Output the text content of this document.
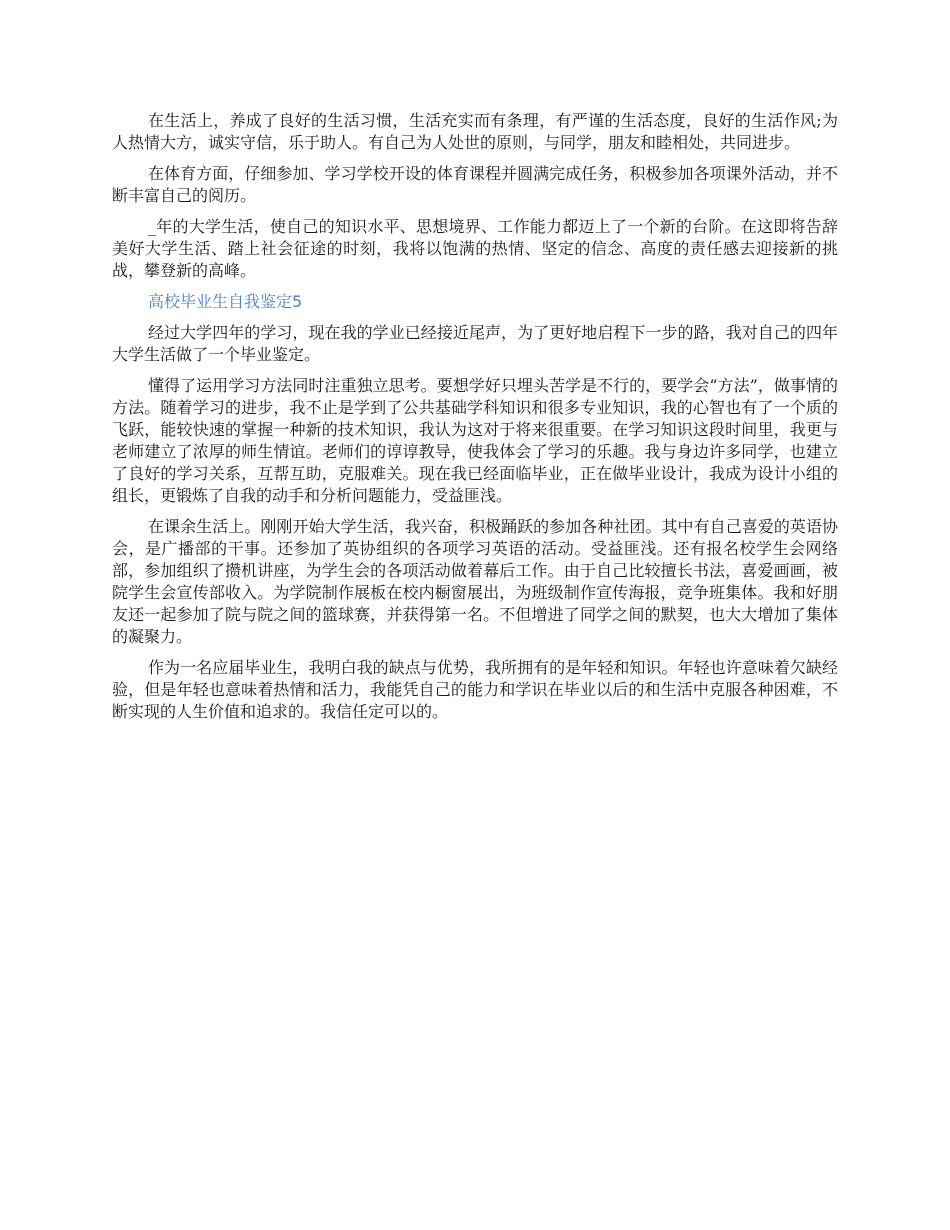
在生活上，养成了良好的生活习惯，生活充实而有条理，有严谨的生活态度，良好的生活作风;为人热情大方，诚实守信，乐于助人。有自己为人处世的原则，与同学，朋友和睦相处，共同进步。

在体育方面，仔细参加、学习学校开设的体育课程并圆满完成任务，积极参加各项课外活动，并不断丰富自己的阅历。

_年的大学生活，使自己的知识水平、思想境界、工作能力都迈上了一个新的台阶。在这即将告辞美好大学生活、踏上社会征途的时刻，我将以饱满的热情、坚定的信念、高度的责任感去迎接新的挑战，攀登新的高峰。

高校毕业生自我鉴定5

经过大学四年的学习，现在我的学业已经接近尾声，为了更好地启程下一步的路，我对自己的四年大学生活做了一个毕业鉴定。

懂得了运用学习方法同时注重独立思考。要想学好只埋头苦学是不行的，要学会“方法”，做事情的方法。随着学习的进步，我不止是学到了公共基础学科知识和很多专业知识，我的心智也有了一个质的飞跃，能较快速的掌握一种新的技术知识，我认为这对于将来很重要。在学习知识这段时间里，我更与老师建立了浓厚的师生情谊。老师们的谆谆教导，使我体会了学习的乐趣。我与身边许多同学，也建立了良好的学习关系，互帮互助，克服难关。现在我已经面临毕业，正在做毕业设计，我成为设计小组的组长，更锻炼了自我的动手和分析问题能力，受益匪浅。

在课余生活上。刚刚开始大学生活，我兴奋，积极踊跃的参加各种社团。其中有自己喜爱的英语协会，是广播部的干事。还参加了英协组织的各项学习英语的活动。受益匪浅。还有报名校学生会网络部，参加组织了攒机讲座，为学生会的各项活动做着幕后工作。由于自己比较擅长书法，喜爱画画，被院学生会宣传部收入。为学院制作展板在校内橱窗展出，为班级制作宣传海报，竞争班集体。我和好朋友还一起参加了院与院之间的篮球赛，并获得第一名。不但增进了同学之间的默契，也大大增加了集体的凝聚力。

作为一名应届毕业生，我明白我的缺点与优势，我所拥有的是年轻和知识。年轻也许意味着欠缺经验，但是年轻也意味着热情和活力，我能凭自己的能力和学识在毕业以后的和生活中克服各种困难，不断实现的人生价值和追求的。我信任定可以的。
